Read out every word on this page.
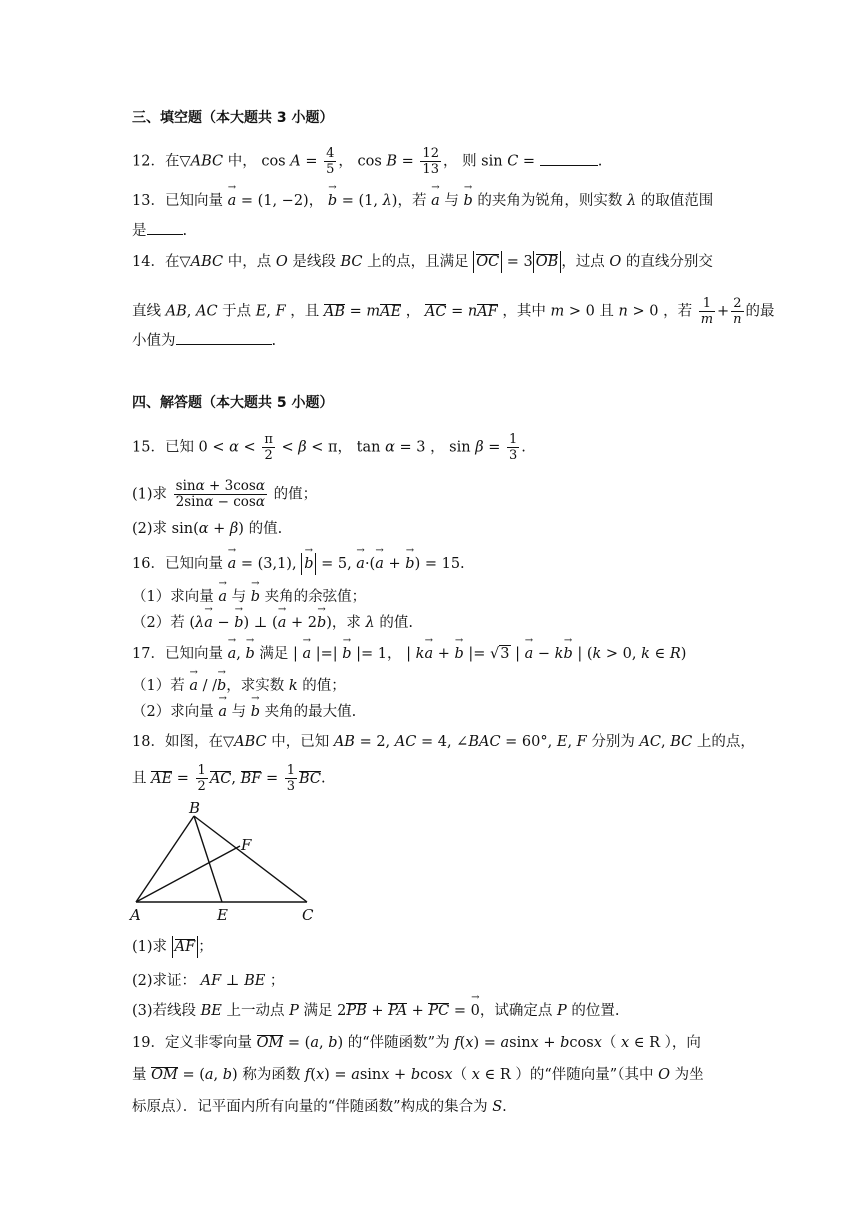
三、填空题（本大题共 3 小题）
12．在▽ABC 中， $\cos A = \frac{4}{5}$ ， $\cos B = \frac{12}{13}$ ， 则 sin C =	.
13．已知向量 → a = (1, −2)， → b = (1, λ)，若 → a 与 → b 的夹角为锐角，则实数 λ 的取值范围
是 .
14．在▽ABC 中，点 O 是线段 BC 上的点，且满足 OC = 3 OB ，过点 O 的直线分别交
直线 AB, AC 于点 E, F ，且 AB = mAE ， AC = nAF ，其中 m > 0 且 n > 0 ，若 $\frac{1}{m} + \frac{2}{n}$ 的最
小值为	.
四、解答题（本大题共 5 小题）
15．已知 $0 < \alpha < \frac{\pi}{2} < \beta < \pi$， tan α = 3 ， $\sin \beta = \frac{1}{3}$ .
(1)求 $\frac{\sin\alpha + 3\cos\alpha}{2\sin\alpha - \cos\alpha}$ 的值；
(2)求 sin(α + β) 的值.
16．已知向量 → a = (3,1), → b = 5, → a·(→ a + → b) = 15.
（1）求向量 → a 与 → b 夹角的余弦值；
（2）若 (λ→ a − → b) ⊥ (→ a + 2→ b)，求 λ 的值.
17．已知向量 → a, → b 满足 | → a |=| → b |= 1， | k→ a + → b |= √3 | → a − k→ b | (k > 0, k ∈ R)
（1）若 → a / /→ b，求实数 k 的值；
（2）求向量 → a 与 → b 夹角的最大值.
18．如图，在▽ABC 中，已知 AB = 2, AC = 4, ∠BAC = 60°, E, F 分别为 AC, BC 上的点，
且 AE = $\frac{1}{2}$ AC, BF = $\frac{1}{3}$ BC.
B
F
A	E	C
(1)求 AF ；
(2)求证： AF ⊥ BE ；
(3)若线段 BE 上一动点 P 满足 2PB + PA + PC = → 0，试确定点 P 的位置.
19．定义非零向量 OM = (a, b) 的“伴随函数”为 f(x) = asinx + bcosx（ x ∈ R ），向
量 OM = (a, b) 称为函数 f(x) = asinx + bcosx（ x ∈ R ）的“伴随向量”（其中 O 为坐
标原点）．记平面内所有向量的“伴随函数”构成的集合为 S.
